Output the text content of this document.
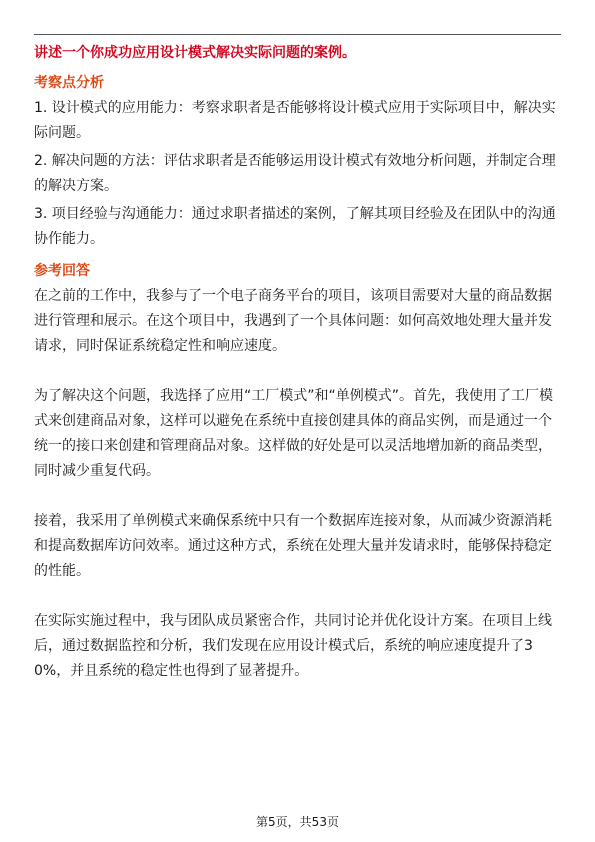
讲述一个你成功应用设计模式解决实际问题的案例。
考察点分析
1. 设计模式的应用能力：考察求职者是否能够将设计模式应用于实际项目中，解决实际问题。
2. 解决问题的方法：评估求职者是否能够运用设计模式有效地分析问题，并制定合理的解决方案。
3. 项目经验与沟通能力：通过求职者描述的案例，了解其项目经验及在团队中的沟通协作能力。
参考回答
在之前的工作中，我参与了一个电子商务平台的项目，该项目需要对大量的商品数据进行管理和展示。在这个项目中，我遇到了一个具体问题：如何高效地处理大量并发请求，同时保证系统稳定性和响应速度。
为了解决这个问题，我选择了应用“工厂模式”和“单例模式”。首先，我使用了工厂模式来创建商品对象，这样可以避免在系统中直接创建具体的商品实例，而是通过一个统一的接口来创建和管理商品对象。这样做的好处是可以灵活地增加新的商品类型，同时减少重复代码。
接着，我采用了单例模式来确保系统中只有一个数据库连接对象，从而减少资源消耗和提高数据库访问效率。通过这种方式，系统在处理大量并发请求时，能够保持稳定的性能。
在实际实施过程中，我与团队成员紧密合作，共同讨论并优化设计方案。在项目上线后，通过数据监控和分析，我们发现在应用设计模式后，系统的响应速度提升了30%，并且系统的稳定性也得到了显著提升。
第5页，共53页
